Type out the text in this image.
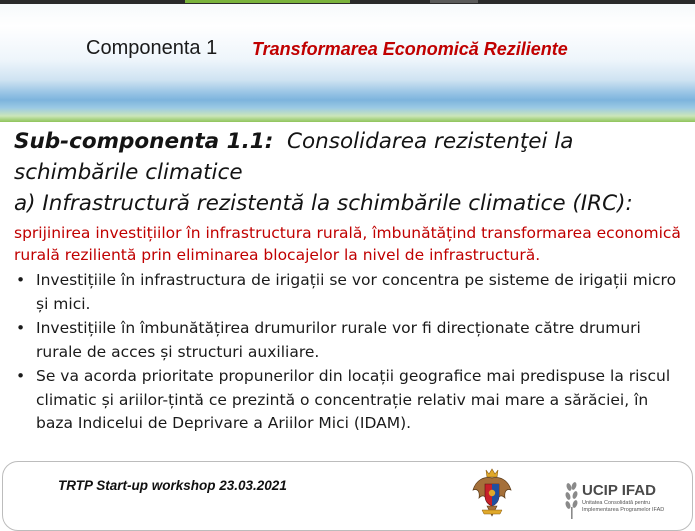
Componenta 1 Transformarea Economică Reziliente
Sub-componenta 1.1: Consolidarea rezistenţei la
schimbările climatice
a) Infrastructură rezistentă la schimbările climatice (IRC):
sprijinirea investițiilor în infrastructura rurală, îmbunătățind transformarea economică rurală rezilientă prin eliminarea blocajelor la nivel de infrastructură.
• Investițiile în infrastructura de irigații se vor concentra pe sisteme de irigații micro și mici.
• Investițiile în îmbunătățirea drumurilor rurale vor fi direcționate către drumuri rurale de acces și structuri auxiliare.
• Se va acorda prioritate propunerilor din locații geografice mai predispuse la riscul climatic și ariilor-țintă ce prezintă o concentrație relativ mai mare a sărăciei, în baza Indicelui de Deprivare a Ariilor Mici (IDAM).
TRTP Start-up workshop 23.03.2021	UCIP IFAD
Unitatea Consolidată pentru Implementarea Programelor IFAD
